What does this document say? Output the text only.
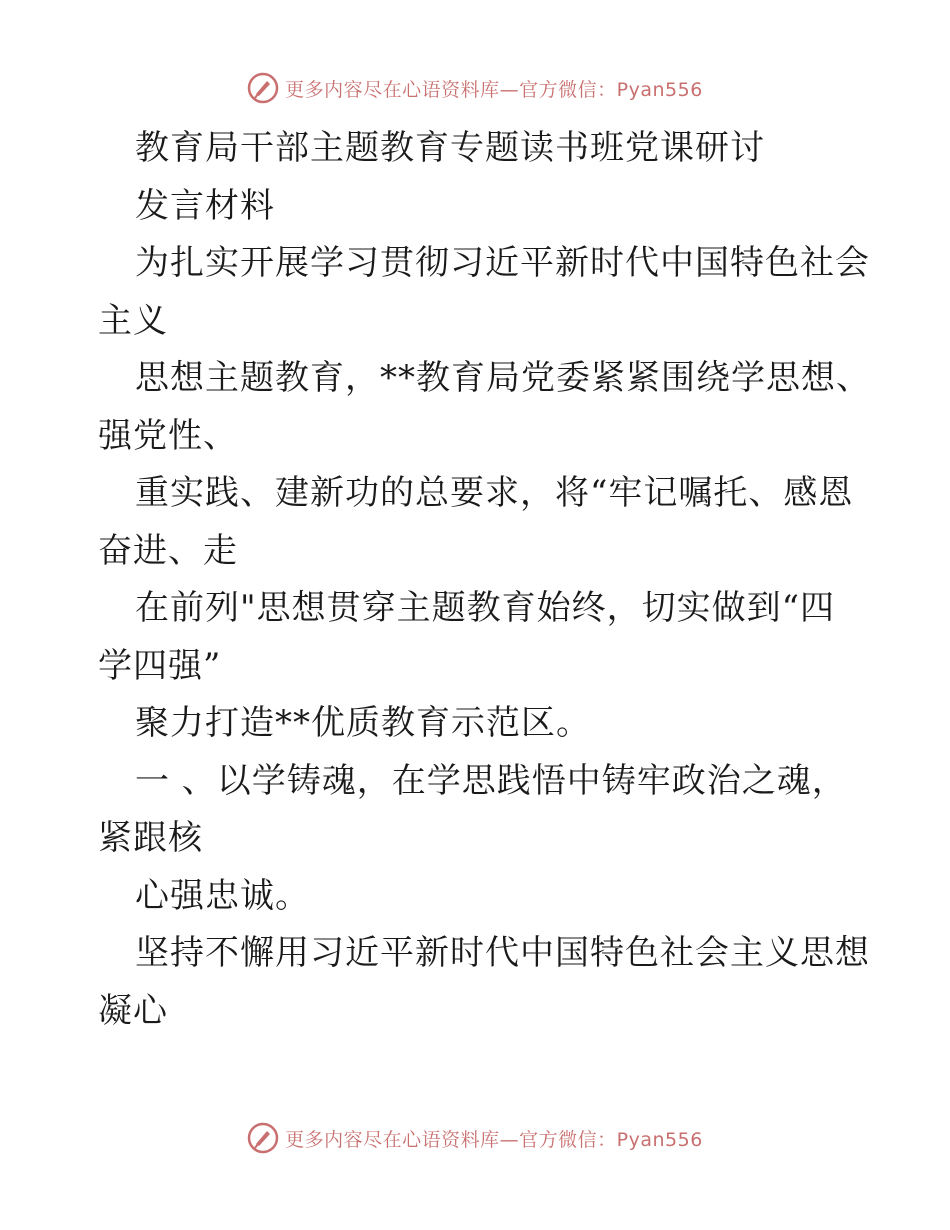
更多内容尽在心语资料库—官方微信：Pyan556
教育局干部主题教育专题读书班党课研讨
发言材料
为扎实开展学习贯彻习近平新时代中国特色社会
主义
思想主题教育，**教育局党委紧紧围绕学思想、
强党性、
重实践、建新功的总要求，将“牢记嘱托、感恩
奋进、走
在前列"思想贯穿主题教育始终，切实做到“四
学四强”
聚力打造**优质教育示范区。
一 、以学铸魂，在学思践悟中铸牢政治之魂，
紧跟核
心强忠诚。
坚持不懈用习近平新时代中国特色社会主义思想
凝心
更多内容尽在心语资料库—官方微信：Pyan556
